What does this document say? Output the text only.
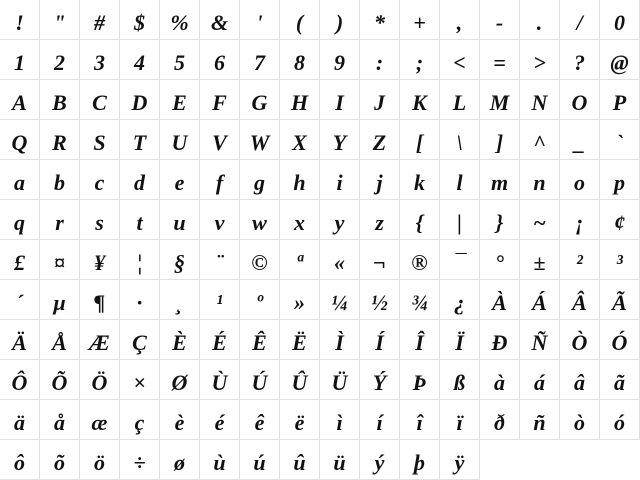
!	"	#	$	%	&	'	(	)	*	+	,	-	.	/	0
1	2	3	4	5	6	7	8	9	:	;	<	=	>	?	@
A	B	C	D	E	F	G	H	I	J	K	L	M	N	O	P
Q	R	S	T	U	V	W	X	Y	Z	[	\	]	^	_	`
a	b	c	d	e	f	g	h	i	j	k	l	m	n	o	p
q	r	s	t	u	v	w	x	y	z	{	|	}	~	¡	¢
£	¤	¥	¦	§	¨	©	ª	«	¬	®	¯	°	±	²	³
´	µ	¶	·	¸	¹	º	»	¼	½	¾	¿	À	Á	Â	Ã
Ä	Å	Æ	Ç	È	É	Ê	Ë	Ì	Í	Î	Ï	Ð	Ñ	Ò	Ó
Ô	Õ	Ö	×	Ø	Ù	Ú	Û	Ü	Ý	Þ	ß	à	á	â	ã
ä	å	æ	ç	è	é	ê	ë	ì	í	î	ï	ð	ñ	ò	ó
ô	õ	ö	÷	ø	ù	ú	û	ü	ý	þ	ÿ
